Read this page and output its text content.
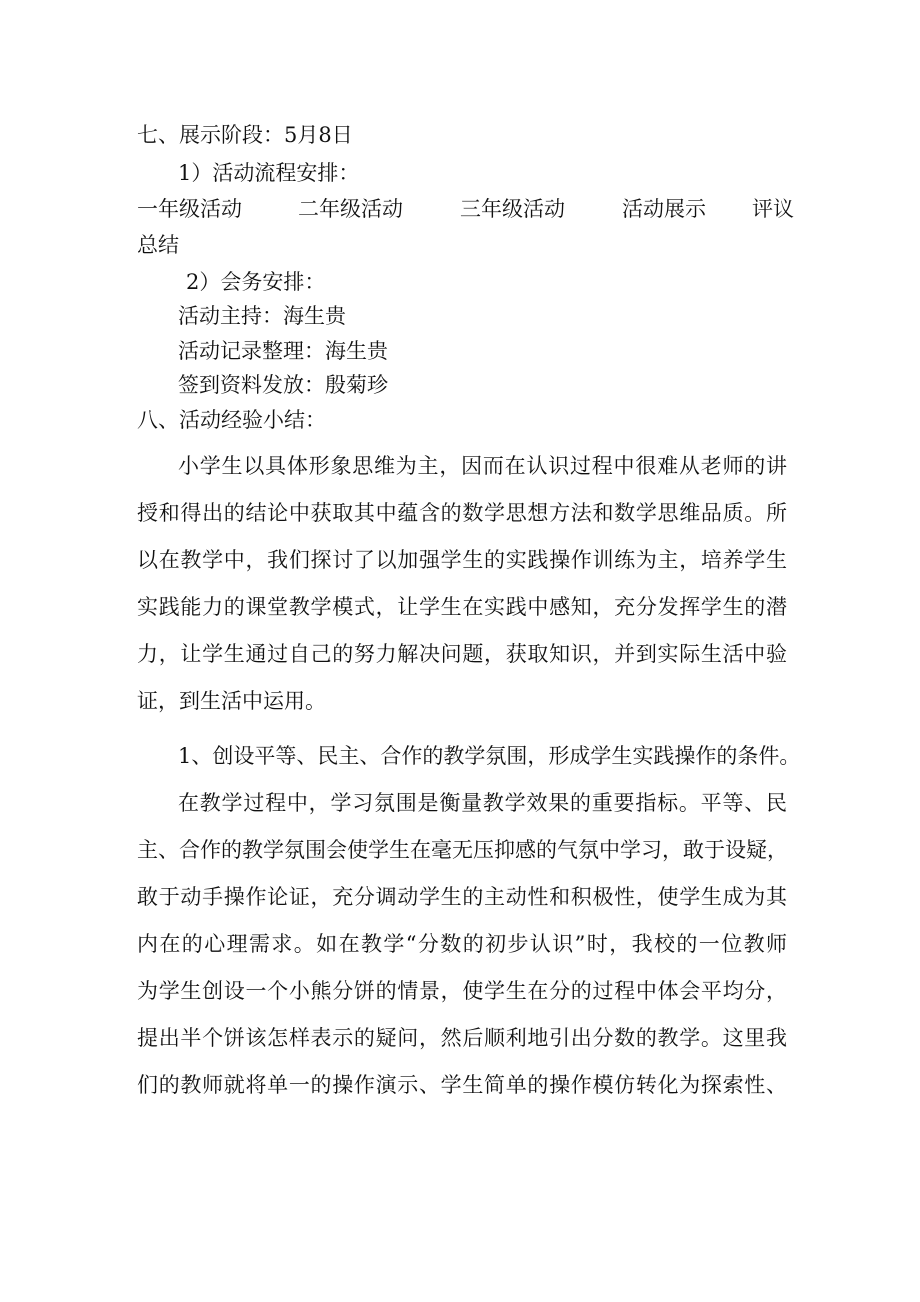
七、展示阶段：5月8日
1）活动流程安排：
一年级活动	二年级活动	三年级活动	活动展示 评议
总结
2）会务安排：
活动主持：海生贵
活动记录整理：海生贵
签到资料发放：殷菊珍
八、活动经验小结：
小学生以具体形象思维为主，因而在认识过程中很难从老师的讲
授和得出的结论中获取其中蕴含的数学思想方法和数学思维品质。所
以在教学中，我们探讨了以加强学生的实践操作训练为主，培养学生
实践能力的课堂教学模式，让学生在实践中感知，充分发挥学生的潜
力，让学生通过自己的努力解决问题，获取知识，并到实际生活中验
证，到生活中运用。
1、创设平等、民主、合作的教学氛围，形成学生实践操作的条件。
在教学过程中，学习氛围是衡量教学效果的重要指标。平等、民
主、合作的教学氛围会使学生在毫无压抑感的气氛中学习，敢于设疑，
敢于动手操作论证，充分调动学生的主动性和积极性，使学生成为其
内在的心理需求。如在教学“分数的初步认识”时，我校的一位教师
为学生创设一个小熊分饼的情景，使学生在分的过程中体会平均分，
提出半个饼该怎样表示的疑问，然后顺利地引出分数的教学。这里我
们的教师就将单一的操作演示、学生简单的操作模仿转化为探索性、
